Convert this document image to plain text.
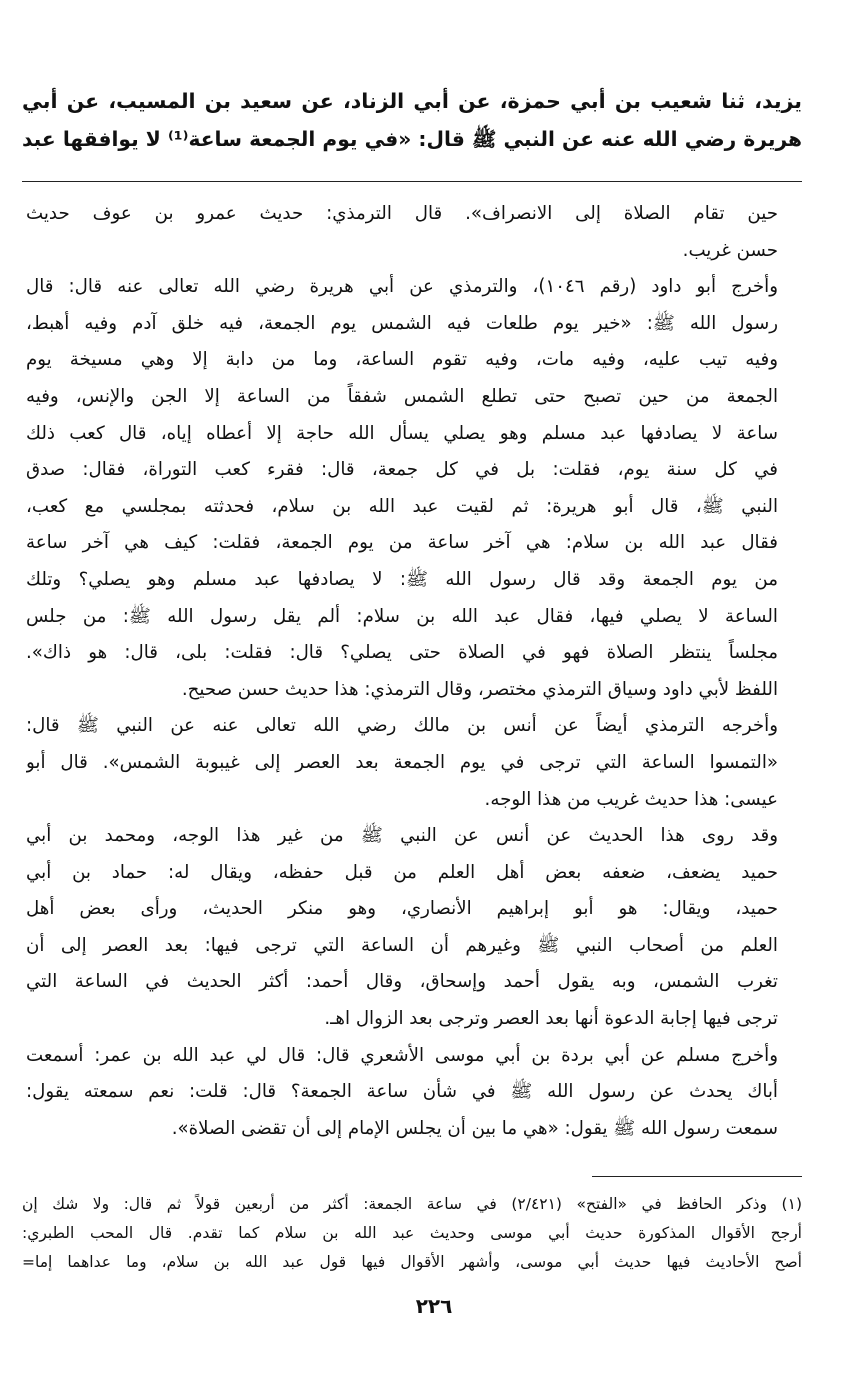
يزيد، ثنا شعيب بن أبي حمزة، عن أبي الزناد، عن سعيد بن المسيب، عن أبي
هريرة رضي الله عنه عن النبي ﷺ قال: «في يوم الجمعة ساعة⁽¹⁾ لا يوافقها عبد
حين تقام الصلاة إلى الانصراف». قال الترمذي: حديث عمرو بن عوف حديث
حسن غريب.
وأخرج أبو داود (رقم ١٠٤٦)، والترمذي عن أبي هريرة رضي الله تعالى عنه قال: قال
رسول الله ﷺ: «خير يوم طلعات فيه الشمس يوم الجمعة، فيه خلق آدم وفيه أهبط،
وفيه تيب عليه، وفيه مات، وفيه تقوم الساعة، وما من دابة إلا وهي مسيخة يوم
الجمعة من حين تصبح حتى تطلع الشمس شفقاً من الساعة إلا الجن والإنس، وفيه
ساعة لا يصادفها عبد مسلم وهو يصلي يسأل الله حاجة إلا أعطاه إياه، قال كعب ذلك
في كل سنة يوم، فقلت: بل في كل جمعة، قال: فقرء كعب التوراة، فقال: صدق
النبي ﷺ، قال أبو هريرة: ثم لقيت عبد الله بن سلام، فحدثته بمجلسي مع كعب،
فقال عبد الله بن سلام: هي آخر ساعة من يوم الجمعة، فقلت: كيف هي آخر ساعة
من يوم الجمعة وقد قال رسول الله ﷺ: لا يصادفها عبد مسلم وهو يصلي؟ وتلك
الساعة لا يصلي فيها، فقال عبد الله بن سلام: ألم يقل رسول الله ﷺ: من جلس
مجلساً ينتظر الصلاة فهو في الصلاة حتى يصلي؟ قال: فقلت: بلى، قال: هو ذاك».
اللفظ لأبي داود وسياق الترمذي مختصر، وقال الترمذي: هذا حديث حسن صحيح.
وأخرجه الترمذي أيضاً عن أنس بن مالك رضي الله تعالى عنه عن النبي ﷺ قال:
«التمسوا الساعة التي ترجى في يوم الجمعة بعد العصر إلى غيبوبة الشمس». قال أبو
عيسى: هذا حديث غريب من هذا الوجه.
وقد روى هذا الحديث عن أنس عن النبي ﷺ من غير هذا الوجه، ومحمد بن أبي
حميد يضعف، ضعفه بعض أهل العلم من قبل حفظه، ويقال له: حماد بن أبي
حميد، ويقال: هو أبو إبراهيم الأنصاري، وهو منكر الحديث، ورأى بعض أهل
العلم من أصحاب النبي ﷺ وغيرهم أن الساعة التي ترجى فيها: بعد العصر إلى أن
تغرب الشمس، وبه يقول أحمد وإسحاق، وقال أحمد: أكثر الحديث في الساعة التي
ترجى فيها إجابة الدعوة أنها بعد العصر وترجى بعد الزوال اهـ.
وأخرج مسلم عن أبي بردة بن أبي موسى الأشعري قال: قال لي عبد الله بن عمر: أسمعت
أباك يحدث عن رسول الله ﷺ في شأن ساعة الجمعة؟ قال: قلت: نعم سمعته يقول:
سمعت رسول الله ﷺ يقول: «هي ما بين أن يجلس الإمام إلى أن تقضى الصلاة».
(١) وذكر الحافظ في «الفتح» (٢/٤٢١) في ساعة الجمعة: أكثر من أربعين قولاً ثم قال: ولا شك إن
أرجح الأقوال المذكورة حديث أبي موسى وحديث عبد الله بن سلام كما تقدم. قال المحب الطبري:
أصح الأحاديث فيها حديث أبي موسى، وأشهر الأقوال فيها قول عبد الله بن سلام، وما عداهما إما=
٢٢٦
